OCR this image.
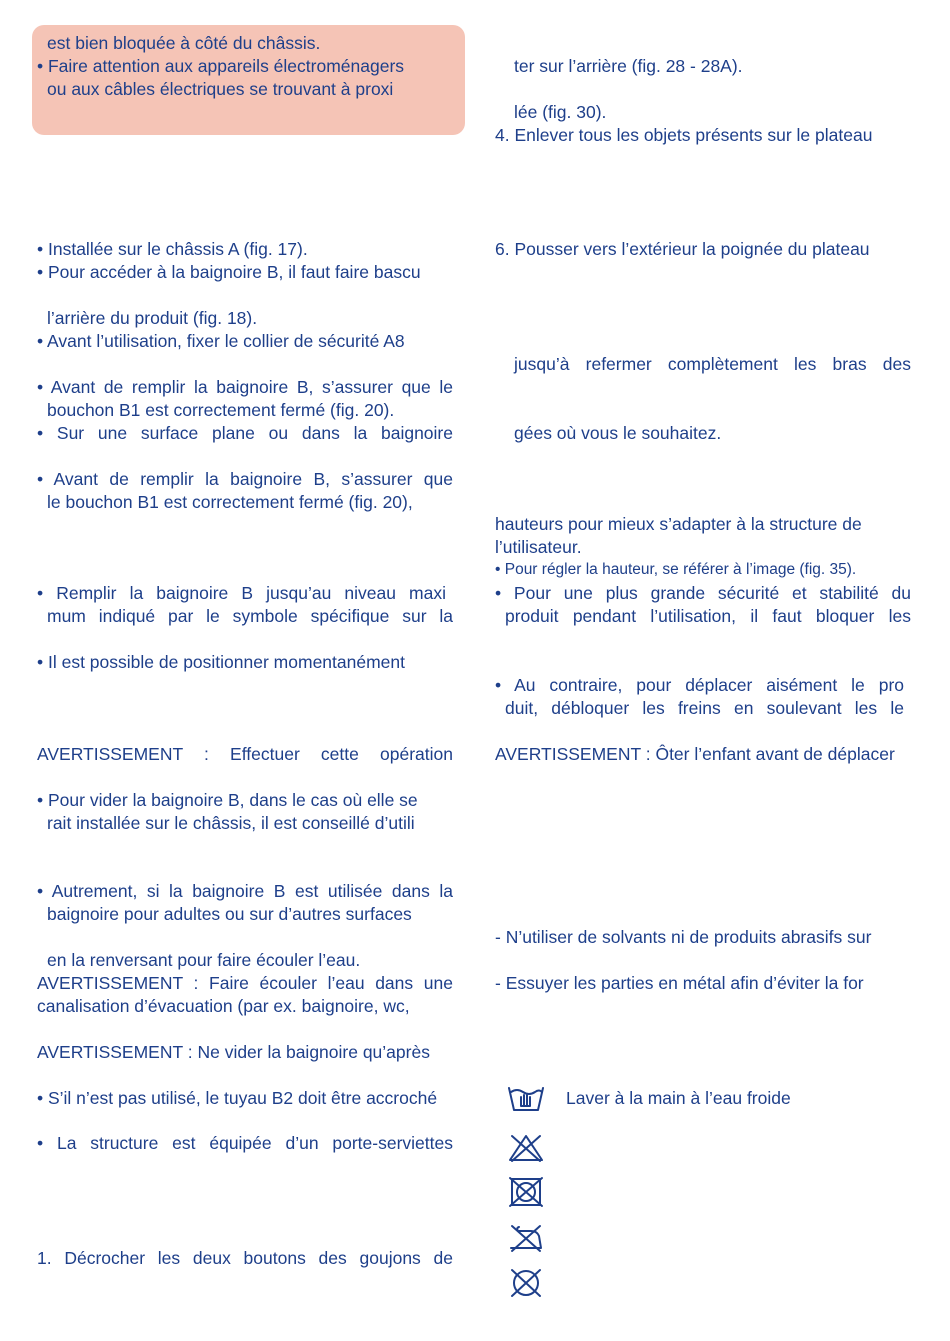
est bien bloquée à côté du châssis.

• Faire attention aux appareils électroménagers

ou aux câbles électriques se trouvant à proxi

• Installée sur le châssis A (fig. 17).

• Pour accéder à la baignoire B, il faut faire bascu

l’arrière du produit (fig. 18).

• Avant l’utilisation, fixer le collier de sécurité A8

• Avant de remplir la baignoire B, s’assurer que le

bouchon B1 est correctement fermé (fig. 20).

• Sur une surface plane ou dans la baignoire

• Avant de remplir la baignoire B, s’assurer que

le bouchon B1 est correctement fermé (fig. 20),

• Remplir la baignoire B jusqu’au niveau maxi

mum indiqué par le symbole spécifique sur la

• Il est possible de positionner momentanément

AVERTISSEMENT : Effectuer cette opération

• Pour vider la baignoire B, dans le cas où elle se

rait installée sur le châssis, il est conseillé d’utili

• Autrement, si la baignoire B est utilisée dans la

baignoire pour adultes ou sur d’autres surfaces

en la renversant pour faire écouler l’eau.

AVERTISSEMENT : Faire écouler l’eau dans une

canalisation d’évacuation (par ex. baignoire, wc,

AVERTISSEMENT : Ne vider la baignoire qu’après

• S’il n’est pas utilisé, le tuyau B2 doit être accroché

• La structure est équipée d’un porte-serviettes

1. Décrocher les deux boutons des goujons de

ter sur l’arrière (fig. 28 - 28A).

lée (fig. 30).

4. Enlever tous les objets présents sur le plateau

6. Pousser vers l’extérieur la poignée du plateau

jusqu’à refermer complètement les bras des

gées où vous le souhaitez.

hauteurs pour mieux s’adapter à la structure de

l’utilisateur.

• Pour régler la hauteur, se référer à l’image (fig. 35).

• Pour une plus grande sécurité et stabilité du

produit pendant l’utilisation, il faut bloquer les

• Au contraire, pour déplacer aisément le pro

duit, débloquer les freins en soulevant les le

AVERTISSEMENT : Ôter l’enfant avant de déplacer

- N’utiliser de solvants ni de produits abrasifs sur

- Essuyer les parties en métal afin d’éviter la for

Laver à la main à l’eau froide
